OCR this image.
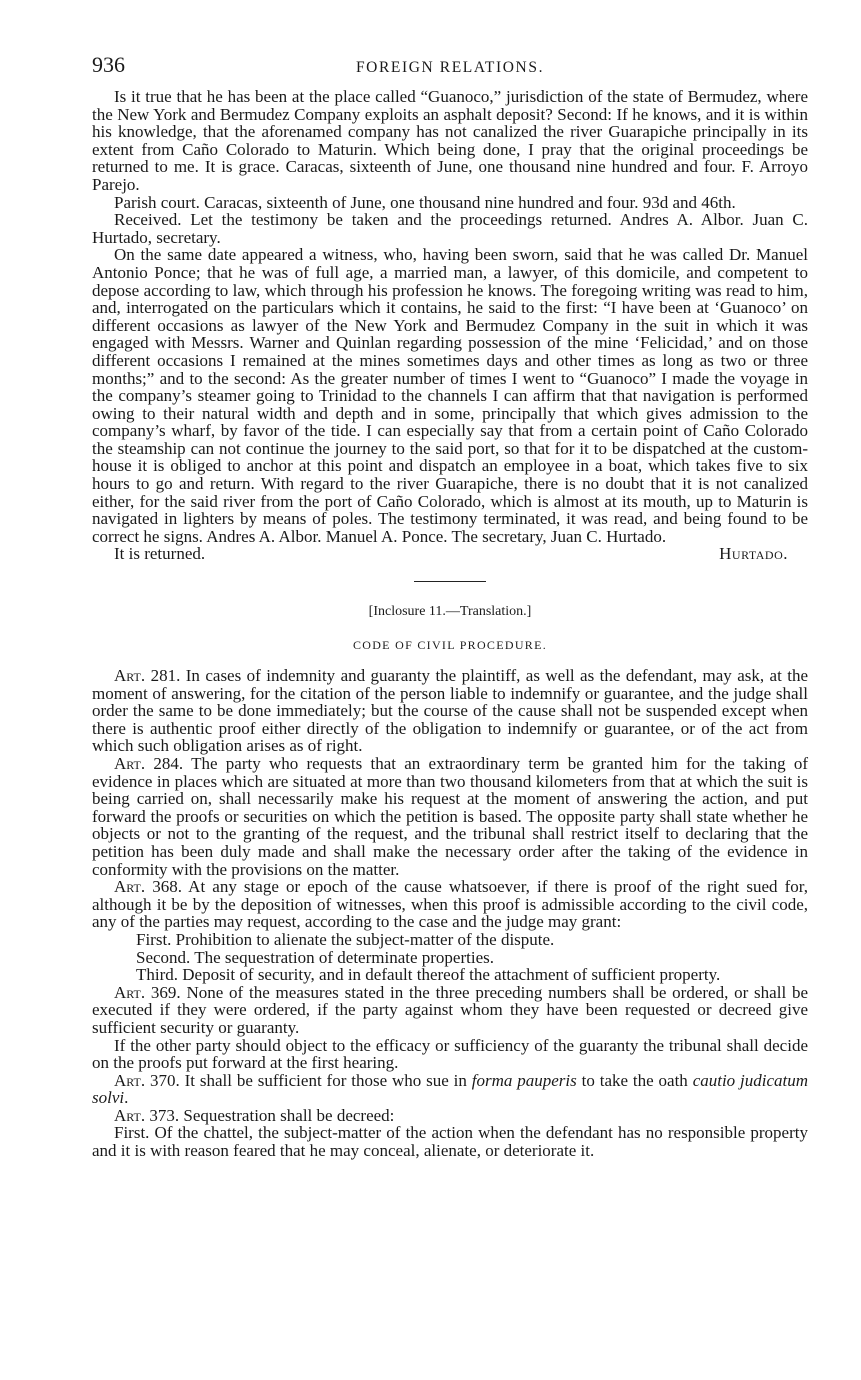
936	FOREIGN RELATIONS.

Is it true that he has been at the place called “Guanoco,” jurisdiction of the state of Bermudez, where the New York and Bermudez Company exploits an asphalt deposit? Second: If he knows, and it is within his knowledge, that the aforenamed company has not canalized the river Guarapiche principally in its extent from Caño Colorado to Maturin. Which being done, I pray that the original proceedings be returned to me. It is grace. Caracas, sixteenth of June, one thousand nine hundred and four. F. Arroyo Parejo.

Parish court. Caracas, sixteenth of June, one thousand nine hundred and four. 93d and 46th.

Received. Let the testimony be taken and the proceedings returned. Andres A. Albor. Juan C. Hurtado, secretary.

On the same date appeared a witness, who, having been sworn, said that he was called Dr. Manuel Antonio Ponce; that he was of full age, a married man, a lawyer, of this domicile, and competent to depose according to law, which through his profession he knows. The foregoing writing was read to him, and, interrogated on the particulars which it contains, he said to the first: “I have been at ‘Guanoco’ on different occasions as lawyer of the New York and Bermudez Company in the suit in which it was engaged with Messrs. Warner and Quinlan regarding possession of the mine ‘Felicidad,’ and on those different occasions I remained at the mines sometimes days and other times as long as two or three months;” and to the second: As the greater number of times I went to “Guanoco” I made the voyage in the company’s steamer going to Trinidad to the channels I can affirm that that navigation is performed owing to their natural width and depth and in some, principally that which gives admission to the company’s wharf, by favor of the tide. I can especially say that from a certain point of Caño Colorado the steamship can not continue the journey to the said port, so that for it to be dispatched at the custom-house it is obliged to anchor at this point and dispatch an employee in a boat, which takes five to six hours to go and return. With regard to the river Guarapiche, there is no doubt that it is not canalized either, for the said river from the port of Caño Colorado, which is almost at its mouth, up to Maturin is navigated in lighters by means of poles. The testimony terminated, it was read, and being found to be correct he signs. Andres A. Albor. Manuel A. Ponce. The secretary, Juan C. Hurtado.

It is returned.	Hurtado.
[Inclosure 11.—Translation.]
CODE OF CIVIL PROCEDURE.

Art. 281. In cases of indemnity and guaranty the plaintiff, as well as the defendant, may ask, at the moment of answering, for the citation of the person liable to indemnify or guarantee, and the judge shall order the same to be done immediately; but the course of the cause shall not be suspended except when there is authentic proof either directly of the obligation to indemnify or guarantee, or of the act from which such obligation arises as of right.

Art. 284. The party who requests that an extraordinary term be granted him for the taking of evidence in places which are situated at more than two thousand kilometers from that at which the suit is being carried on, shall necessarily make his request at the moment of answering the action, and put forward the proofs or securities on which the petition is based. The opposite party shall state whether he objects or not to the granting of the request, and the tribunal shall restrict itself to declaring that the petition has been duly made and shall make the necessary order after the taking of the evidence in conformity with the provisions on the matter.

Art. 368. At any stage or epoch of the cause whatsoever, if there is proof of the right sued for, although it be by the deposition of witnesses, when this proof is admissible according to the civil code, any of the parties may request, according to the case and the judge may grant:

First. Prohibition to alienate the subject-matter of the dispute.

Second. The sequestration of determinate properties.

Third. Deposit of security, and in default thereof the attachment of sufficient property.

Art. 369. None of the measures stated in the three preceding numbers shall be ordered, or shall be executed if they were ordered, if the party against whom they have been requested or decreed give sufficient security or guaranty.

If the other party should object to the efficacy or sufficiency of the guaranty the tribunal shall decide on the proofs put forward at the first hearing.

Art. 370. It shall be sufficient for those who sue in forma pauperis to take the oath cautio judicatum solvi.

Art. 373. Sequestration shall be decreed:

First. Of the chattel, the subject-matter of the action when the defendant has no responsible property and it is with reason feared that he may conceal, alienate, or deteriorate it.
